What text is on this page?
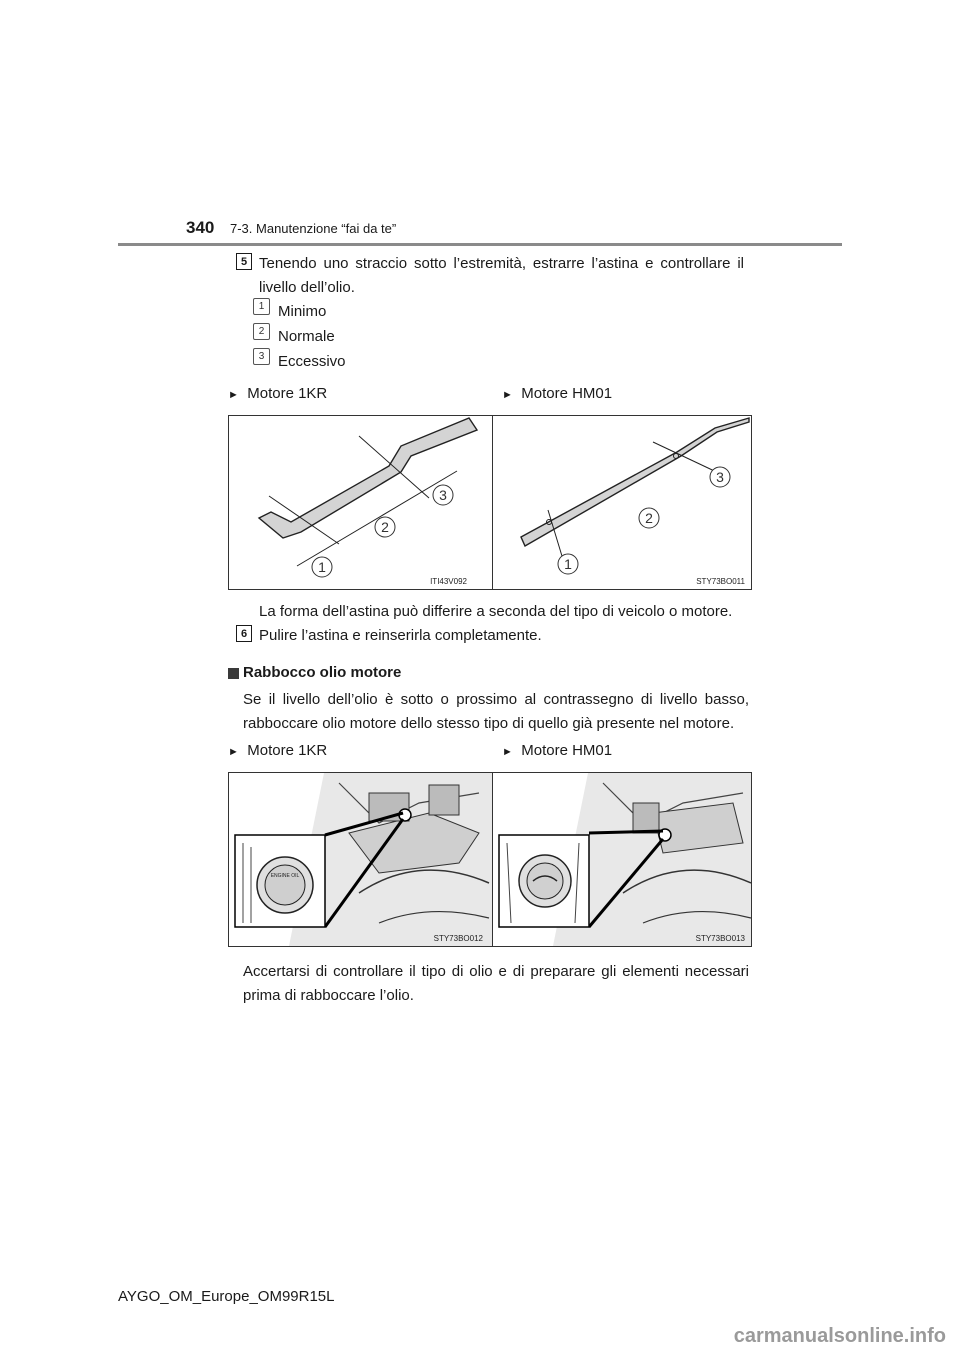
340 7-3. Manutenzione “fai da te”
5 Tenendo uno straccio sotto l’estremità, estrarre l’astina e controllare il livello dell’olio.
1 Minimo
2 Normale
3 Eccessivo
► Motore 1KR	► Motore HM01
3
2
1
ITI43V092
3
2
1
STY73BO011
La forma dell’astina può differire a seconda del tipo di veicolo o motore.
6 Pulire l’astina e reinserirla completamente.
Rabbocco olio motore
Se il livello dell’olio è sotto o prossimo al contrassegno di livello basso, rabboccare olio motore dello stesso tipo di quello già presente nel motore.
► Motore 1KR	► Motore HM01
ENGINE OIL
STY73BO012	STY73BO013
Accertarsi di controllare il tipo di olio e di preparare gli elementi necessari prima di rabboccare l’olio.
AYGO_OM_Europe_OM99R15L
carmanualsonline.info
